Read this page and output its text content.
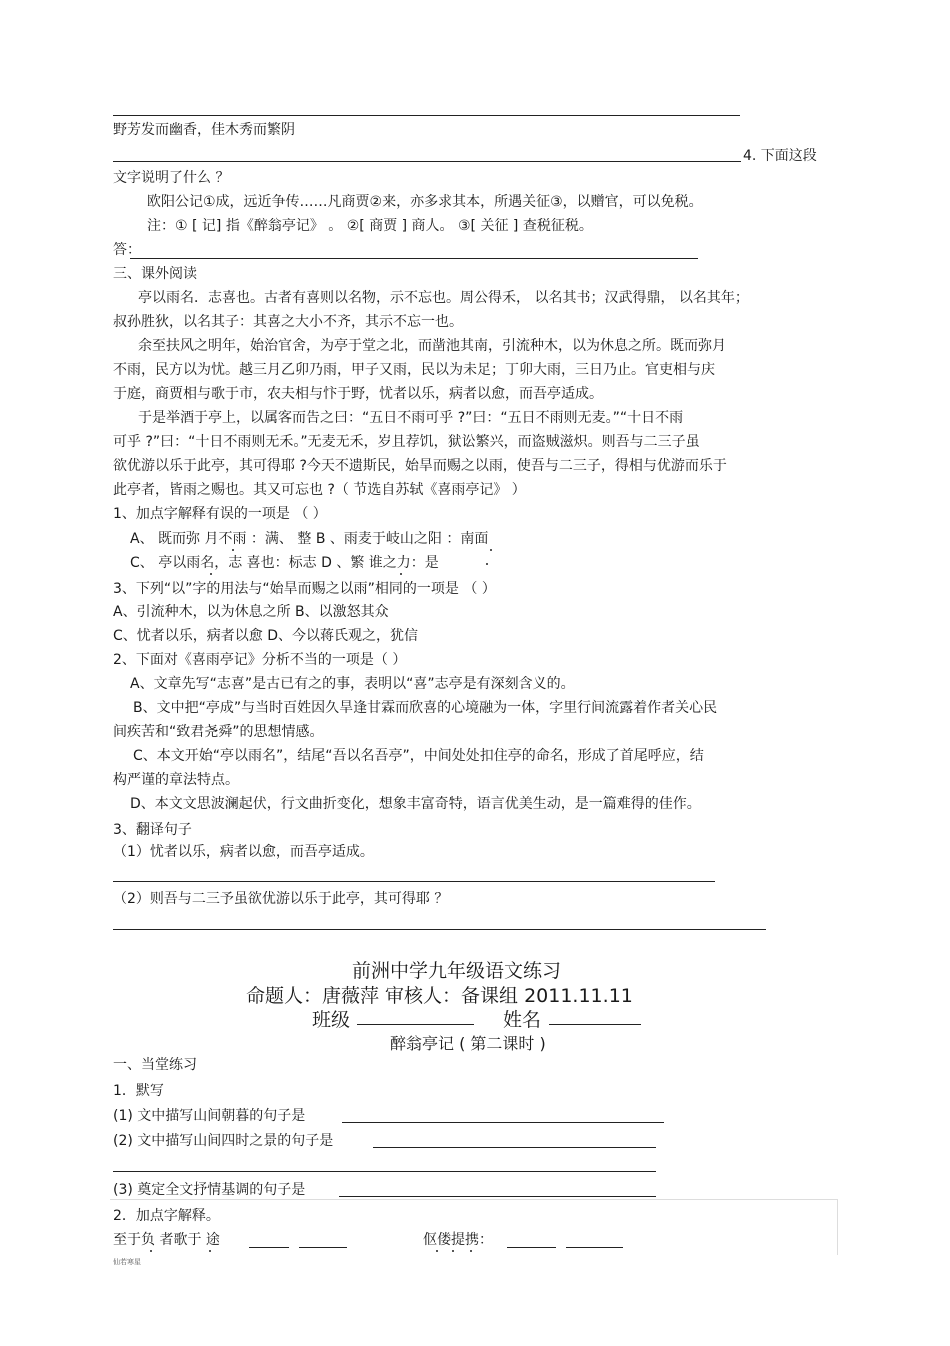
野芳发而幽香，佳木秀而繁阴
4. 下面这段
文字说明了什么 ？
欧阳公记①成，远近争传……凡商贾②来，亦多求其本，所遇关征③，以赠官，可以免税。
注：① [ 记] 指《醉翁亭记》 。 ②[ 商贾 ] 商人。 ③[ 关征 ] 查税征税。
答：
三、课外阅读
亭以雨名．志喜也。古者有喜则以名物，示不忘也。周公得禾， 以名其书；汉武得鼎， 以名其年；
叔孙胜狄，以名其子：其喜之大小不齐，其示不忘一也。
余至扶风之明年，始治官舍，为亭于堂之北，而凿池其南，引流种木，以为休息之所。既而弥月
不雨，民方以为忧。越三月乙卯乃雨，甲子又雨，民以为未足；丁卯大雨，三日乃止。官吏相与庆
于庭，商贾相与歌于市，农夫相与忭于野，忧者以乐，病者以愈，而吾亭适成。
于是举酒于亭上，以属客而告之曰：“五日不雨可乎 ?”曰：“五日不雨则无麦。”“十日不雨
可乎 ?”曰：“十日不雨则无禾。”无麦无禾，岁且荐饥，狱讼繁兴，而盗贼滋炽。则吾与二三子虽
欲优游以乐于此亭，其可得耶 ?今天不遗斯民，始旱而赐之以雨，使吾与二三子，得相与优游而乐于
此亭者，皆雨之赐也。其又可忘也 ?（ 节选自苏轼《喜雨亭记》 ）
1、加点字解释有误的一项是 （ ）
A、 既而弥 月不雨 ：满、 整 B 、雨麦于岐山之阳 ：南面
C、 亭以雨名，志 喜也：标志 D 、繁 谁之力：是
3、下列“以”字的用法与“始旱而赐之以雨”相同的一项是 （ ）
A、引流种木，以为休息之所 B、以激怒其众
C、忧者以乐，病者以愈 D、今以蒋氏观之，犹信
2、下面对《喜雨亭记》分析不当的一项是（ ）
A、文章先写“志喜”是古已有之的事，表明以“喜”志亭是有深刻含义的。
B、文中把“亭成”与当时百姓因久旱逢甘霖而欣喜的心境融为一体，字里行间流露着作者关心民
间疾苦和“致君尧舜”的思想情感。
C、本文开始“亭以雨名”，结尾“吾以名吾亭”，中间处处扣住亭的命名，形成了首尾呼应，结
构严谨的章法特点。
D、本文文思波澜起伏，行文曲折变化，想象丰富奇特，语言优美生动，是一篇难得的佳作。
3、翻译句子
（1）忧者以乐，病者以愈，而吾亭适成。
（2）则吾与二三予虽欲优游以乐于此亭，其可得耶 ？
前洲中学九年级语文练习
命题人：唐薇萍 审核人：备课组 2011.11.11
班级	姓名
醉翁亭记 ( 第二课时 )
一、当堂练习
1．默写
(1) 文中描写山间朝暮的句子是
(2) 文中描写山间四时之景的句子是
(3) 奠定全文抒情基调的句子是
2．加点字解释。
至于负 者歌于 途	伛偻提携：
仙若寒星
